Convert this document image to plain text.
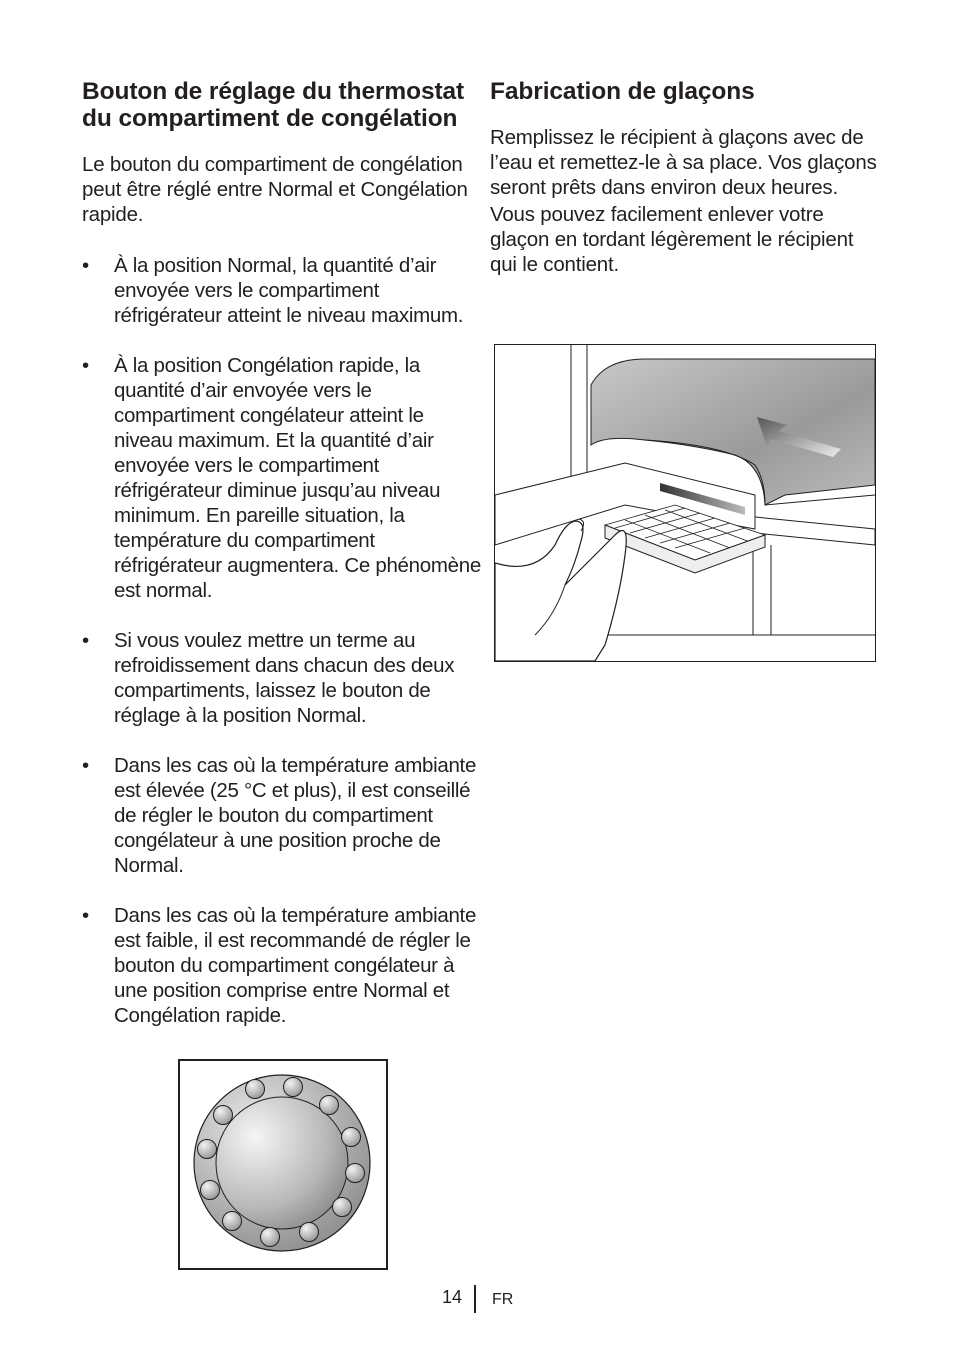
Bouton de réglage du thermostat du compartiment de congélation

Le bouton du compartiment de congélation peut être réglé entre Normal et Congélation rapide.

• À la position Normal, la quantité d’air envoyée vers le compartiment réfrigérateur atteint le niveau maximum.
• À la position Congélation rapide, la quantité d’air envoyée vers le compartiment congélateur atteint le niveau maximum. Et la quantité d’air envoyée vers le compartiment réfrigérateur diminue jusqu’au niveau minimum. En pareille situation, la température du compartiment réfrigérateur augmentera. Ce phénomène est normal.
• Si vous voulez mettre un terme au refroidissement dans chacun des deux compartiments, laissez le bouton de réglage à la position Normal.
• Dans les cas où la température ambiante est élevée (25 °C et plus), il est conseillé de régler le bouton du compartiment congélateur à une position proche de Normal.
• Dans les cas où la température ambiante est faible, il est recommandé de régler le bouton du compartiment congélateur à une position comprise entre Normal et Congélation rapide.
Fabrication de glaçons

Remplissez le récipient à glaçons avec de l’eau et remettez-le à sa place. Vos glaçons seront prêts dans environ deux heures.

Vous pouvez facilement enlever votre glaçon en tordant légèrement le récipient qui le contient.

14 FR
